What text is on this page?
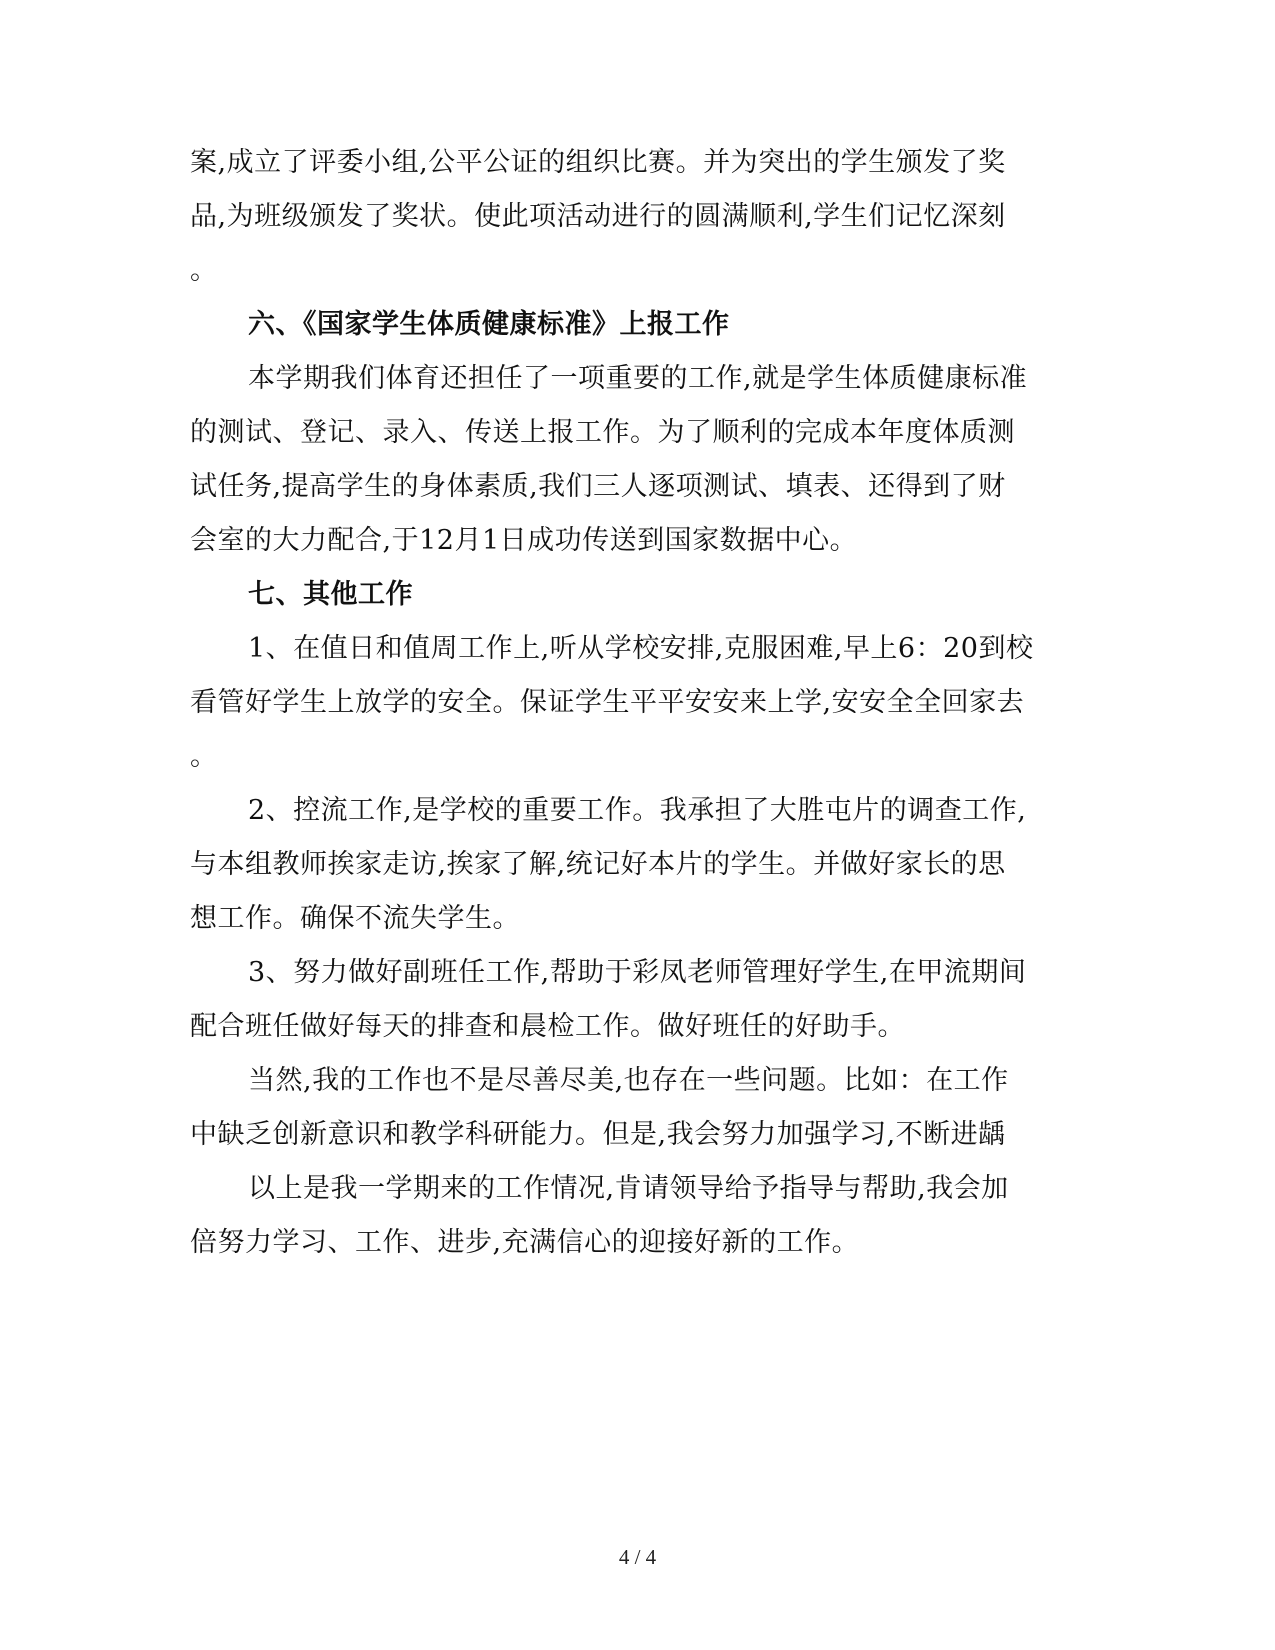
案,成立了评委小组,公平公证的组织比赛。并为突出的学生颁发了奖
品,为班级颁发了奖状。使此项活动进行的圆满顺利,学生们记忆深刻
。
六、《国家学生体质健康标准》上报工作
本学期我们体育还担任了一项重要的工作,就是学生体质健康标准
的测试、登记、录入、传送上报工作。为了顺利的完成本年度体质测
试任务,提高学生的身体素质,我们三人逐项测试、填表、还得到了财
会室的大力配合,于12月1日成功传送到国家数据中心。
七、其他工作
1、在值日和值周工作上,听从学校安排,克服困难,早上6：20到校
看管好学生上放学的安全。保证学生平平安安来上学,安安全全回家去
。
2、控流工作,是学校的重要工作。我承担了大胜屯片的调查工作,
与本组教师挨家走访,挨家了解,统记好本片的学生。并做好家长的思
想工作。确保不流失学生。
3、努力做好副班任工作,帮助于彩凤老师管理好学生,在甲流期间
配合班任做好每天的排查和晨检工作。做好班任的好助手。
当然,我的工作也不是尽善尽美,也存在一些问题。比如：在工作
中缺乏创新意识和教学科研能力。但是,我会努力加强学习,不断进龋
以上是我一学期来的工作情况,肯请领导给予指导与帮助,我会加
倍努力学习、工作、进步,充满信心的迎接好新的工作。
4 / 4
